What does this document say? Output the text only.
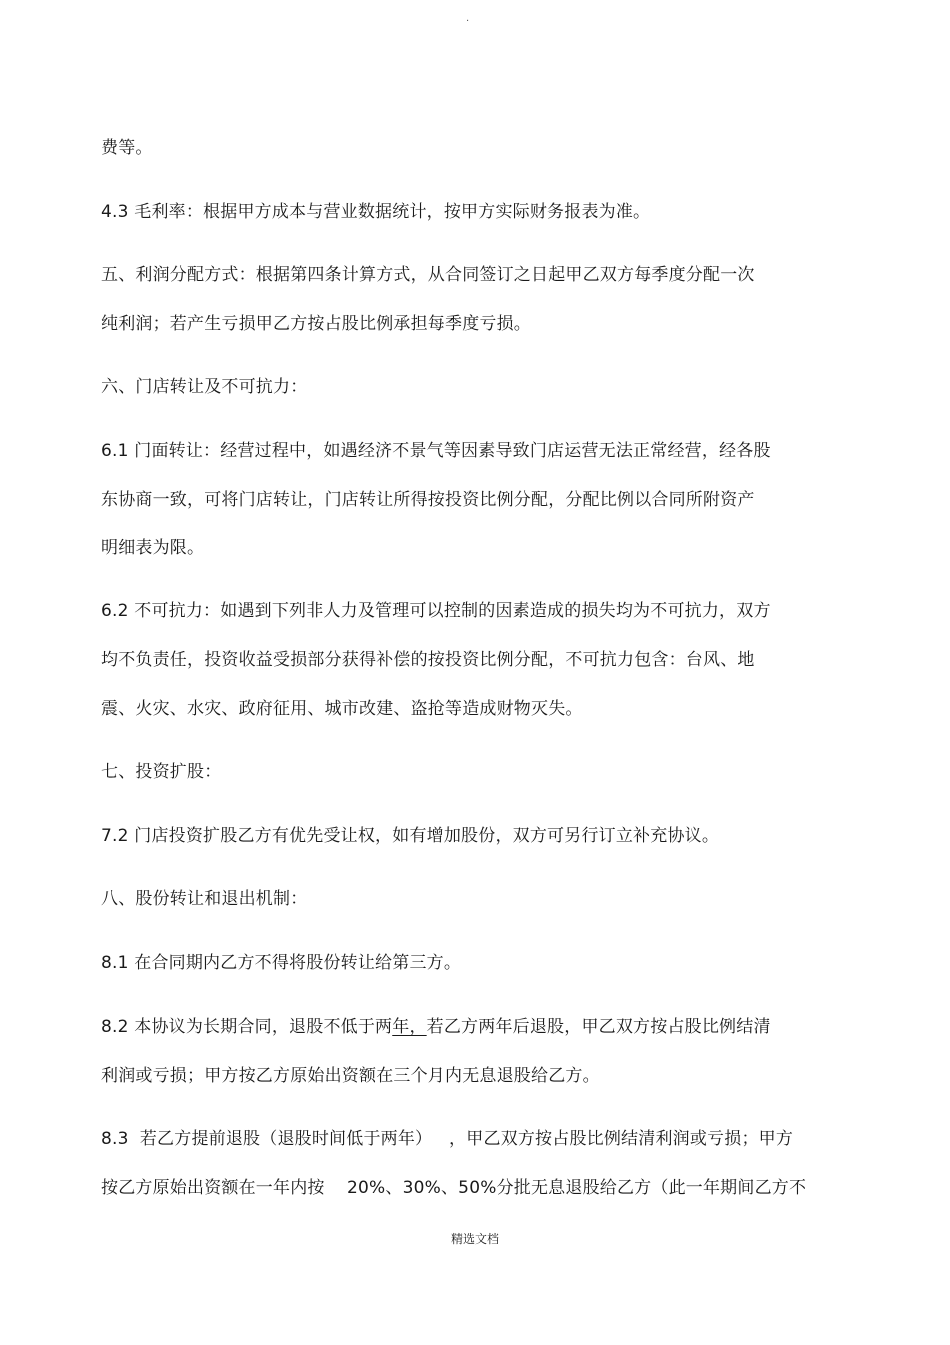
.
费等。
4.3 毛利率：根据甲方成本与营业数据统计，按甲方实际财务报表为准。
五、利润分配方式：根据第四条计算方式，从合同签订之日起甲乙双方每季度分配一次
纯利润；若产生亏损甲乙方按占股比例承担每季度亏损。
六、门店转让及不可抗力：
6.1 门面转让：经营过程中，如遇经济不景气等因素导致门店运营无法正常经营，经各股
东协商一致，可将门店转让，门店转让所得按投资比例分配，分配比例以合同所附资产
明细表为限。
6.2 不可抗力：如遇到下列非人力及管理可以控制的因素造成的损失均为不可抗力，双方
均不负责任，投资收益受损部分获得补偿的按投资比例分配，不可抗力包含：台风、地
震、火灾、水灾、政府征用、城市改建、盗抢等造成财物灭失。
七、投资扩股：
7.2 门店投资扩股乙方有优先受让权，如有增加股份，双方可另行订立补充协议。
八、股份转让和退出机制：
8.1 在合同期内乙方不得将股份转让给第三方。
8.2 本协议为长期合同，退股不低于两年，若乙方两年后退股，甲乙双方按占股比例结清
利润或亏损；甲方按乙方原始出资额在三个月内无息退股给乙方。
8.3  若乙方提前退股（退股时间低于两年）   ，甲乙双方按占股比例结清利润或亏损；甲方
按乙方原始出资额在一年内按    20%、30%、50%分批无息退股给乙方（此一年期间乙方不
精选文档
